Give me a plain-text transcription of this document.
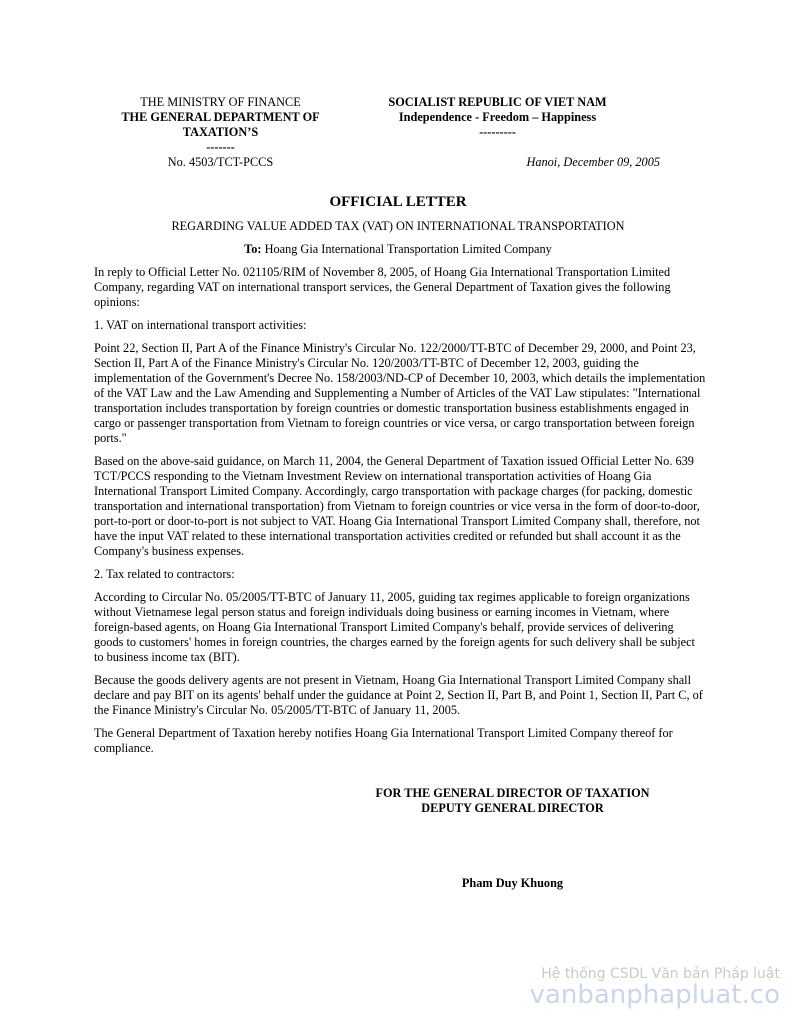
THE MINISTRY OF FINANCE
THE GENERAL DEPARTMENT OF
TAXATION’S
-------
SOCIALIST REPUBLIC OF VIET NAM
Independence - Freedom – Happiness
---------
No. 4503/TCT-PCCS	Hanoi, December 09, 2005
OFFICIAL LETTER
REGARDING VALUE ADDED TAX (VAT) ON INTERNATIONAL TRANSPORTATION
To: Hoang Gia International Transportation Limited Company

In reply to Official Letter No. 021105/RIM of November 8, 2005, of Hoang Gia International Transportation Limited Company, regarding VAT on international transport services, the General Department of Taxation gives the following opinions:

1. VAT on international transport activities:

Point 22, Section II, Part A of the Finance Ministry's Circular No. 122/2000/TT-BTC of December 29, 2000, and Point 23, Section II, Part A of the Finance Ministry's Circular No. 120/2003/TT-BTC of December 12, 2003, guiding the implementation of the Government's Decree No. 158/2003/ND-CP of December 10, 2003, which details the implementation of the VAT Law and the Law Amending and Supplementing a Number of Articles of the VAT Law stipulates: "International transportation includes transportation by foreign countries or domestic transportation business establishments engaged in cargo or passenger transportation from Vietnam to foreign countries or vice versa, or cargo transportation between foreign ports."

Based on the above-said guidance, on March 11, 2004, the General Department of Taxation issued Official Letter No. 639 TCT/PCCS responding to the Vietnam Investment Review on international transportation activities of Hoang Gia International Transport Limited Company. Accordingly, cargo transportation with package charges (for packing, domestic transportation and international transportation) from Vietnam to foreign countries or vice versa in the form of door-to-door, port-to-port or door-to-port is not subject to VAT. Hoang Gia International Transport Limited Company shall, therefore, not have the input VAT related to these international transportation activities credited or refunded but shall account it as the Company's business expenses.

2. Tax related to contractors:

According to Circular No. 05/2005/TT-BTC of January 11, 2005, guiding tax regimes applicable to foreign organizations without Vietnamese legal person status and foreign individuals doing business or earning incomes in Vietnam, where foreign-based agents, on Hoang Gia International Transport Limited Company's behalf, provide services of delivering goods to customers' homes in foreign countries, the charges earned by the foreign agents for such delivery shall be subject to business income tax (BIT).

Because the goods delivery agents are not present in Vietnam, Hoang Gia International Transport Limited Company shall declare and pay BIT on its agents' behalf under the guidance at Point 2, Section II, Part B, and Point 1, Section II, Part C, of the Finance Ministry's Circular No. 05/2005/TT-BTC of January 11, 2005.

The General Department of Taxation hereby notifies Hoang Gia International Transport Limited Company thereof for compliance.

FOR THE GENERAL DIRECTOR OF TAXATION
DEPUTY GENERAL DIRECTOR
Pham Duy Khuong
Hệ thống CSDL Văn bản Pháp luật
vanbanphapluat.co
